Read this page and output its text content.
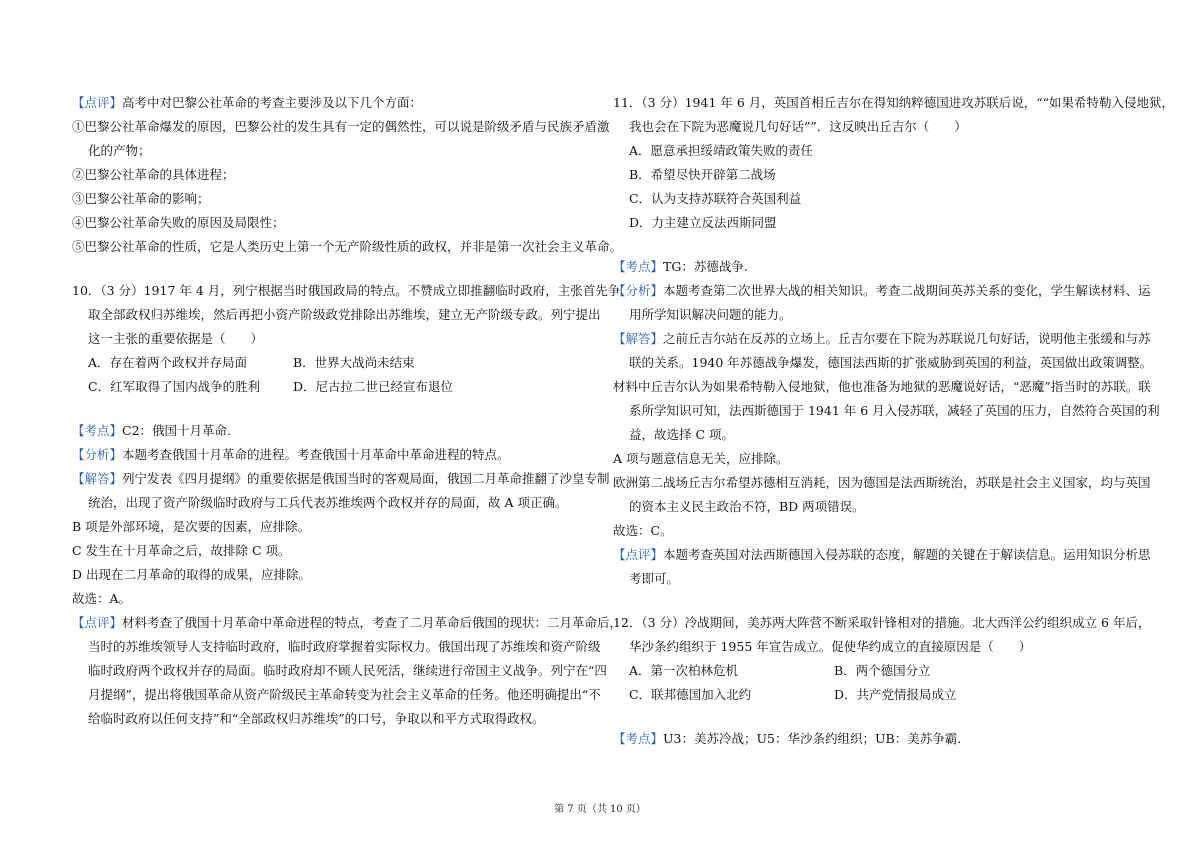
【点评】高考中对巴黎公社革命的考查主要涉及以下几个方面：
①巴黎公社革命爆发的原因，巴黎公社的发生具有一定的偶然性，可以说是阶级矛盾与民族矛盾激
化的产物；
②巴黎公社革命的具体进程；
③巴黎公社革命的影响；
④巴黎公社革命失败的原因及局限性；
⑤巴黎公社革命的性质，它是人类历史上第一个无产阶级性质的政权，并非是第一次社会主义革命。
10．（3 分）1917 年 4 月，列宁根据当时俄国政局的特点。不赞成立即推翻临时政府，主张首先争
取全部政权归苏维埃，然后再把小资产阶级政党排除出苏维埃，建立无产阶级专政。列宁提出
这一主张的重要依据是（　　）
A．存在着两个政权并存局面	B．世界大战尚未结束
C．红军取得了国内战争的胜利	D．尼古拉二世已经宣布退位
【考点】C2：俄国十月革命.
【分析】本题考查俄国十月革命的进程。考查俄国十月革命中革命进程的特点。
【解答】列宁发表《四月提纲》的重要依据是俄国当时的客观局面，俄国二月革命推翻了沙皇专制
统治，出现了资产阶级临时政府与工兵代表苏维埃两个政权并存的局面，故 A 项正确。
B 项是外部环境，是次要的因素，应排除。
C 发生在十月革命之后，故排除 C 项。
D 出现在二月革命的取得的成果，应排除。
故选：A。
【点评】材料考查了俄国十月革命中革命进程的特点，考查了二月革命后俄国的现状：二月革命后，
当时的苏维埃领导人支持临时政府，临时政府掌握着实际权力。俄国出现了苏维埃和资产阶级
临时政府两个政权并存的局面。临时政府却不顾人民死活，继续进行帝国主义战争。列宁在“四
月提纲”，提出将俄国革命从资产阶级民主革命转变为社会主义革命的任务。他还明确提出“不
给临时政府以任何支持”和“全部政权归苏维埃”的口号，争取以和平方式取得政权。
11．（3 分）1941 年 6 月，英国首相丘吉尔在得知纳粹德国进攻苏联后说，““如果希特勒入侵地狱，
我也会在下院为恶魔说几句好话””．这反映出丘吉尔（　　）
A．愿意承担绥靖政策失败的责任
B．希望尽快开辟第二战场
C．认为支持苏联符合英国利益
D．力主建立反法西斯同盟
【考点】TG：苏德战争.
【分析】本题考查第二次世界大战的相关知识。考查二战期间英苏关系的变化，学生解读材料、运
用所学知识解决问题的能力。
【解答】之前丘吉尔站在反苏的立场上。丘吉尔要在下院为苏联说几句好话，说明他主张缓和与苏
联的关系。1940 年苏德战争爆发，德国法西斯的扩张威胁到英国的利益，英国做出政策调整。
材料中丘吉尔认为如果希特勒入侵地狱，他也准备为地狱的恶魔说好话，“恶魔”指当时的苏联。联
系所学知识可知，法西斯德国于 1941 年 6 月入侵苏联，减轻了英国的压力，自然符合英国的利
益，故选择 C 项。
A 项与题意信息无关，应排除。
欧洲第二战场丘吉尔希望苏德相互消耗，因为德国是法西斯统治，苏联是社会主义国家，均与英国
的资本主义民主政治不符，BD 两项错误。
故选：C。
【点评】本题考查英国对法西斯德国入侵苏联的态度，解题的关键在于解读信息。运用知识分析思
考即可。
12．（3 分）冷战期间，美苏两大阵营不断采取针锋相对的措施。北大西洋公约组织成立 6 年后，
华沙条约组织于 1955 年宣告成立。促使华约成立的直接原因是（　　）
A．第一次柏林危机	B．两个德国分立
C．联邦德国加入北约	D．共产党情报局成立
【考点】U3：美苏冷战；U5：华沙条约组织；UB：美苏争霸.
第 7 页（共 10 页）
